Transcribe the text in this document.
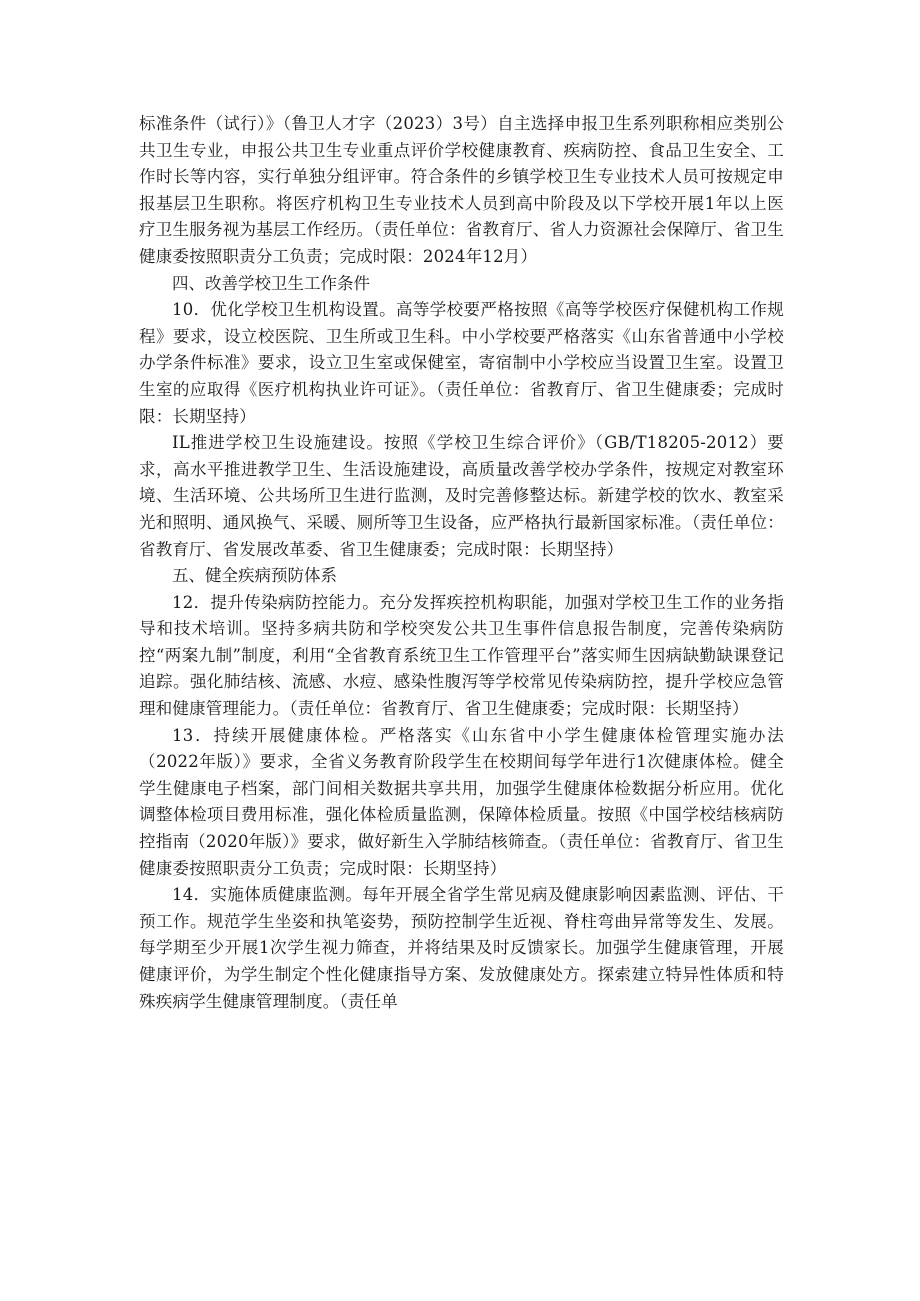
标准条件（试行）》（鲁卫人才字（2023）3号）自主选择申报卫生系列职称相应类别公共卫生专业，申报公共卫生专业重点评价学校健康教育、疾病防控、食品卫生安全、工作时长等内容，实行单独分组评审。符合条件的乡镇学校卫生专业技术人员可按规定申报基层卫生职称。将医疗机构卫生专业技术人员到高中阶段及以下学校开展1年以上医疗卫生服务视为基层工作经历。（责任单位：省教育厅、省人力资源社会保障厅、省卫生健康委按照职责分工负责；完成时限：2024年12月）

四、改善学校卫生工作条件

10．优化学校卫生机构设置。高等学校要严格按照《高等学校医疗保健机构工作规程》要求，设立校医院、卫生所或卫生科。中小学校要严格落实《山东省普通中小学校办学条件标准》要求，设立卫生室或保健室，寄宿制中小学校应当设置卫生室。设置卫生室的应取得《医疗机构执业许可证》。（责任单位：省教育厅、省卫生健康委；完成时限：长期坚持）

IL推进学校卫生设施建设。按照《学校卫生综合评价》（GB/T18205-2012）要求，高水平推进教学卫生、生活设施建设，高质量改善学校办学条件，按规定对教室环境、生活环境、公共场所卫生进行监测，及时完善修整达标。新建学校的饮水、教室采光和照明、通风换气、采暖、厕所等卫生设备，应严格执行最新国家标准。（责任单位：省教育厅、省发展改革委、省卫生健康委；完成时限：长期坚持）

五、健全疾病预防体系

12．提升传染病防控能力。充分发挥疾控机构职能，加强对学校卫生工作的业务指导和技术培训。坚持多病共防和学校突发公共卫生事件信息报告制度，完善传染病防控“两案九制”制度，利用“全省教育系统卫生工作管理平台”落实师生因病缺勤缺课登记追踪。强化肺结核、流感、水痘、感染性腹泻等学校常见传染病防控，提升学校应急管理和健康管理能力。（责任单位：省教育厅、省卫生健康委；完成时限：长期坚持）

13．持续开展健康体检。严格落实《山东省中小学生健康体检管理实施办法（2022年版）》要求，全省义务教育阶段学生在校期间每学年进行1次健康体检。健全学生健康电子档案，部门间相关数据共享共用，加强学生健康体检数据分析应用。优化调整体检项目费用标准，强化体检质量监测，保障体检质量。按照《中国学校结核病防控指南（2020年版）》要求，做好新生入学肺结核筛查。（责任单位：省教育厅、省卫生健康委按照职责分工负责；完成时限：长期坚持）

14．实施体质健康监测。每年开展全省学生常见病及健康影响因素监测、评估、干预工作。规范学生坐姿和执笔姿势，预防控制学生近视、脊柱弯曲异常等发生、发展。每学期至少开展1次学生视力筛查，并将结果及时反馈家长。加强学生健康管理，开展健康评价，为学生制定个性化健康指导方案、发放健康处方。探索建立特异性体质和特殊疾病学生健康管理制度。（责任单
